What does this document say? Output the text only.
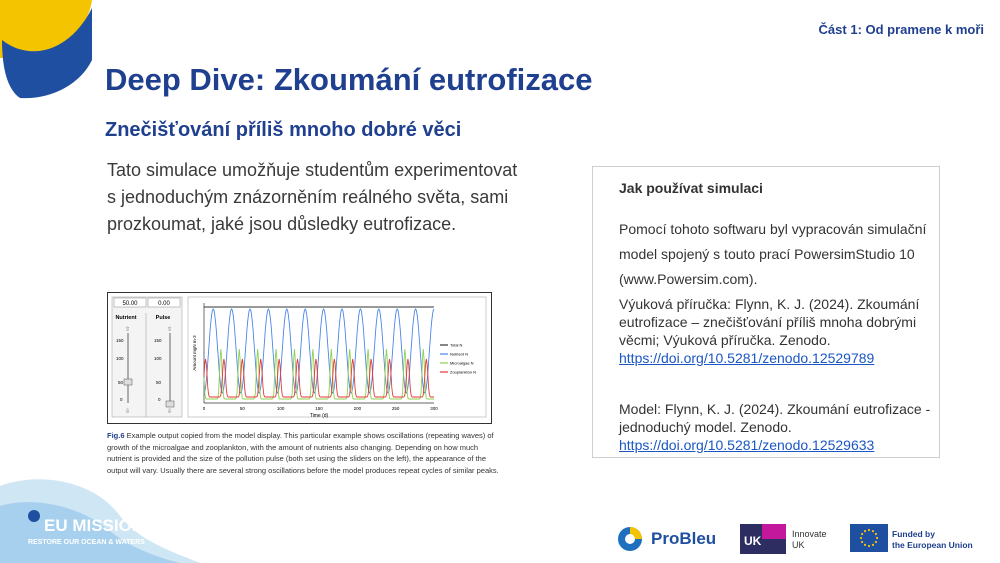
Část 1: Od pramene k moři
Deep Dive: Zkoumání eutrofizace
Znečišťování příliš mnoho dobré věci
Tato simulace umožňuje studentům experimentovat s jednoduchým znázorněním reálného světa, sami prozkoumat, jaké jsou důsledky eutrofizace.
50.00	0.00
Nutrient	Pulse
150
100
50
0
⇧
⇩
150
100
50
0
⇧
⇩
Amount mgN m-3
0	50	100	150	200	250	300
Time (d)
Total N
Nutrient N
Microalgae N
Zooplankton N
Fig.6 Example output copied from the model display. This particular example shows oscillations (repeating waves) of growth of the microalgae and zooplankton, with the amount of nutrients also changing. Depending on how much nutrient is provided and the size of the pollution pulse (both set using the sliders on the left), the appearance of the output will vary. Usually there are several strong oscillations before the model produces repeat cycles of similar peaks.
Jak používat simulaci
Pomocí tohoto softwaru byl vypracován simulační model spojený s touto prací PowersimStudio 10 (www.Powersim.com).
Výuková příručka: Flynn, K. J. (2024). Zkoumání eutrofizace – znečišťování příliš mnoha dobrými věcmi; Výuková příručka. Zenodo. https://doi.org/10.5281/zenodo.12529789
Model: Flynn, K. J. (2024). Zkoumání eutrofizace - jednoduchý model. Zenodo. https://doi.org/10.5281/zenodo.12529633
EU MISSIONS
RESTORE OUR OCEAN & WATERS	ProBleu UK	Innovate
UK
Funded by
the European Union
